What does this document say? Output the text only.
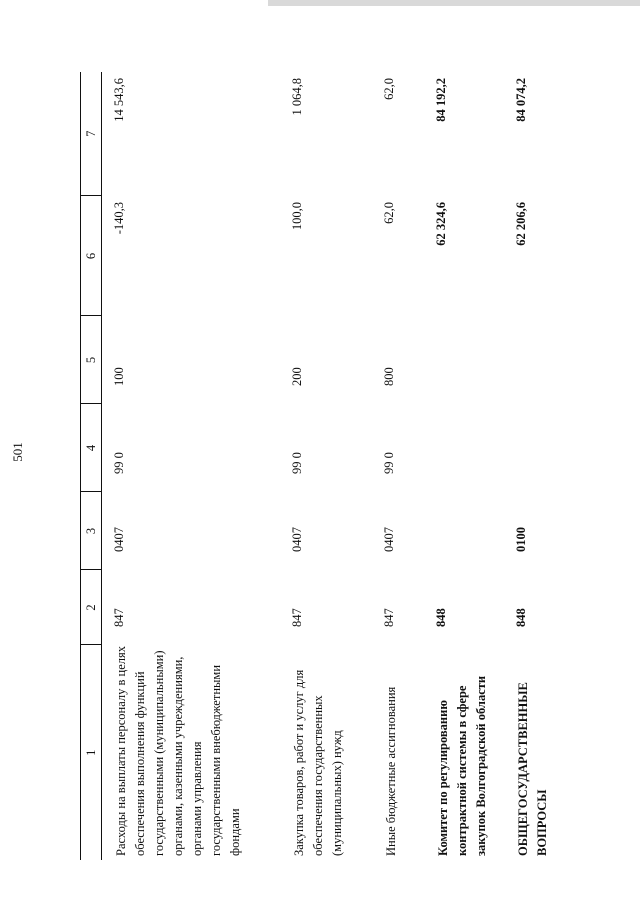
501
1	2	3	4	5	6	7
Расходы на выплаты персоналу в целях обеспечения выполнения функций государственными (муниципальными) органами, казенными учреждениями, органами управления государственными внебюджетными фондами	847	0407	99 0	100	-140,3	14 543,6
Закупка товаров, работ и услуг для обеспечения государственных (муниципальных) нужд	847	0407	99 0	200	100,0	1 064,8
Иные бюджетные ассигнования	847	0407	99 0	800	62,0	62,0
Комитет по регулированию контрактной системы в сфере закупок Волгоградской области	848				62 324,6	84 192,2
ОБЩЕГОСУДАРСТВЕННЫЕ ВОПРОСЫ	848	0100			62 206,6	84 074,2
